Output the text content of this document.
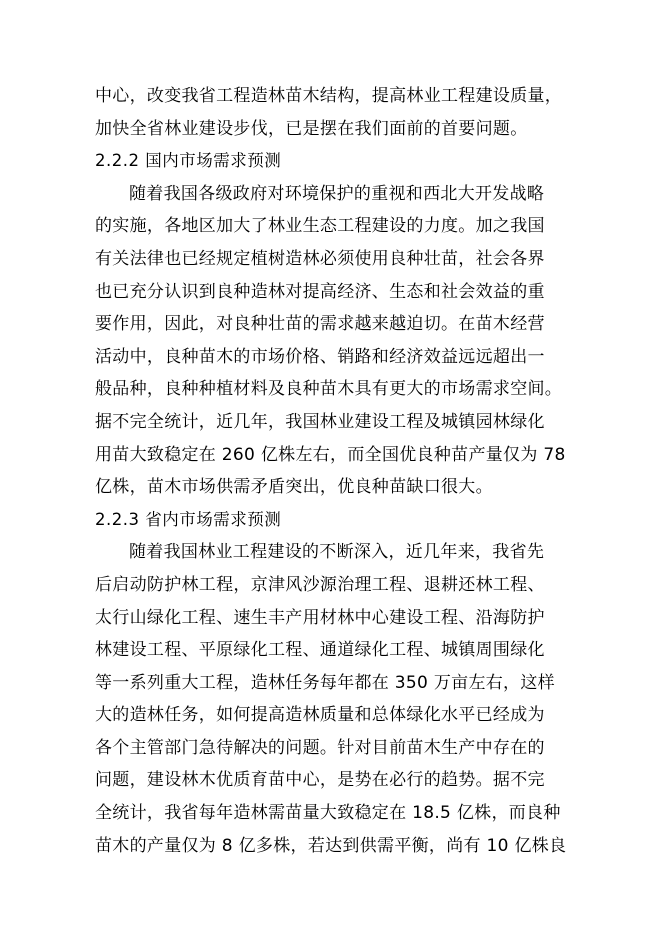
中心，改变我省工程造林苗木结构，提高林业工程建设质量，
加快全省林业建设步伐，已是摆在我们面前的首要问题。
2.2.2 国内市场需求预测
随着我国各级政府对环境保护的重视和西北大开发战略
的实施，各地区加大了林业生态工程建设的力度。加之我国
有关法律也已经规定植树造林必须使用良种壮苗，社会各界
也已充分认识到良种造林对提高经济、生态和社会效益的重
要作用，因此，对良种壮苗的需求越来越迫切。在苗木经营
活动中，良种苗木的市场价格、销路和经济效益远远超出一
般品种，良种种植材料及良种苗木具有更大的市场需求空间。
据不完全统计，近几年，我国林业建设工程及城镇园林绿化
用苗大致稳定在 260 亿株左右，而全国优良种苗产量仅为 78
亿株，苗木市场供需矛盾突出，优良种苗缺口很大。
2.2.3 省内市场需求预测
随着我国林业工程建设的不断深入，近几年来，我省先
后启动防护林工程，京津风沙源治理工程、退耕还林工程、
太行山绿化工程、速生丰产用材林中心建设工程、沿海防护
林建设工程、平原绿化工程、通道绿化工程、城镇周围绿化
等一系列重大工程，造林任务每年都在 350 万亩左右，这样
大的造林任务，如何提高造林质量和总体绿化水平已经成为
各个主管部门急待解决的问题。针对目前苗木生产中存在的
问题，建设林木优质育苗中心，是势在必行的趋势。据不完
全统计，我省每年造林需苗量大致稳定在 18.5 亿株，而良种
苗木的产量仅为 8 亿多株，若达到供需平衡，尚有 10 亿株良
